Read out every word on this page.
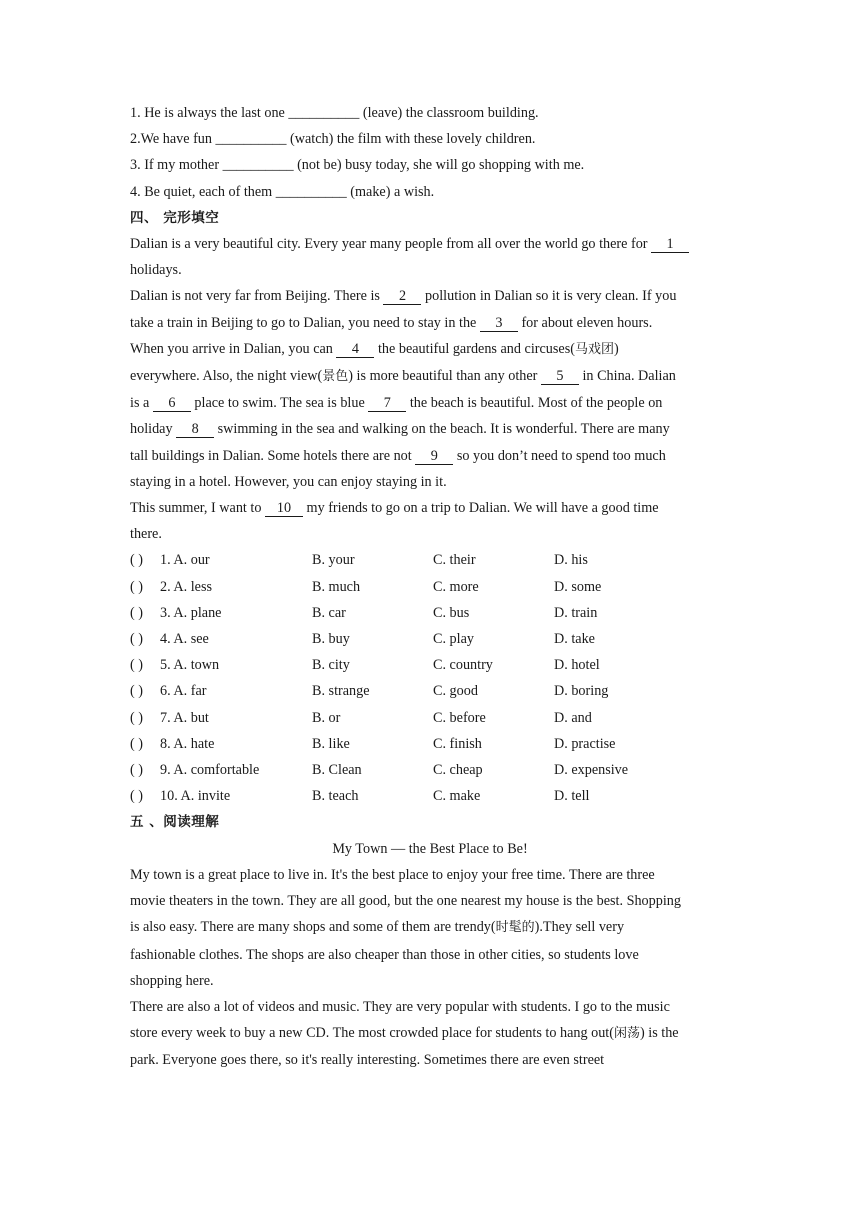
1. He is always the last one __________ (leave) the classroom building.
2.We have fun __________ (watch) the film with these lovely children.
3. If my mother __________ (not be) busy today, she will go shopping with me.
4. Be quiet, each of them __________ (make) a wish.
四、 完形填空
Dalian is a very beautiful city. Every year many people from all over the world go there for 1
holidays.
Dalian is not very far from Beijing. There is 2 pollution in Dalian so it is very clean. If you
take a train in Beijing to go to Dalian, you need to stay in the 3 for about eleven hours.
When you arrive in Dalian, you can 4 the beautiful gardens and circuses(马戏团)
everywhere. Also, the night view(景色) is more beautiful than any other 5 in China. Dalian
is a 6 place to swim. The sea is blue 7 the beach is beautiful. Most of the people on
holiday 8 swimming in the sea and walking on the beach. It is wonderful. There are many
tall buildings in Dalian. Some hotels there are not 9 so you don’t need to spend too much
staying in a hotel. However, you can enjoy staying in it.
This summer, I want to 10 my friends to go on a trip to Dalian. We will have a good time
there.
( )	1. A. our	B. your	C. their	D. his
( )	2. A. less	B. much	C. more	D. some
( )	3. A. plane	B. car	C. bus	D. train
( )	4. A. see	B. buy	C. play	D. take
( )	5. A. town	B. city	C. country	D. hotel
( )	6. A. far	B. strange	C. good	D. boring
( )	7. A. but	B. or	C. before	D. and
( )	8. A. hate	B. like	C. finish	D. practise
( )	9. A. comfortable	B. Clean	C. cheap	D. expensive
( )	10. A. invite	B. teach	C. make	D. tell
五 、阅读理解
My Town — the Best Place to Be!
My town is a great place to live in. It's the best place to enjoy your free time. There are three
movie theaters in the town. They are all good, but the one nearest my house is the best. Shopping
is also easy. There are many shops and some of them are trendy(时髦的).They sell very
fashionable clothes. The shops are also cheaper than those in other cities, so students love
shopping here.
There are also a lot of videos and music. They are very popular with students. I go to the music
store every week to buy a new CD. The most crowded place for students to hang out(闲荡) is the
park. Everyone goes there, so it's really interesting. Sometimes there are even street
